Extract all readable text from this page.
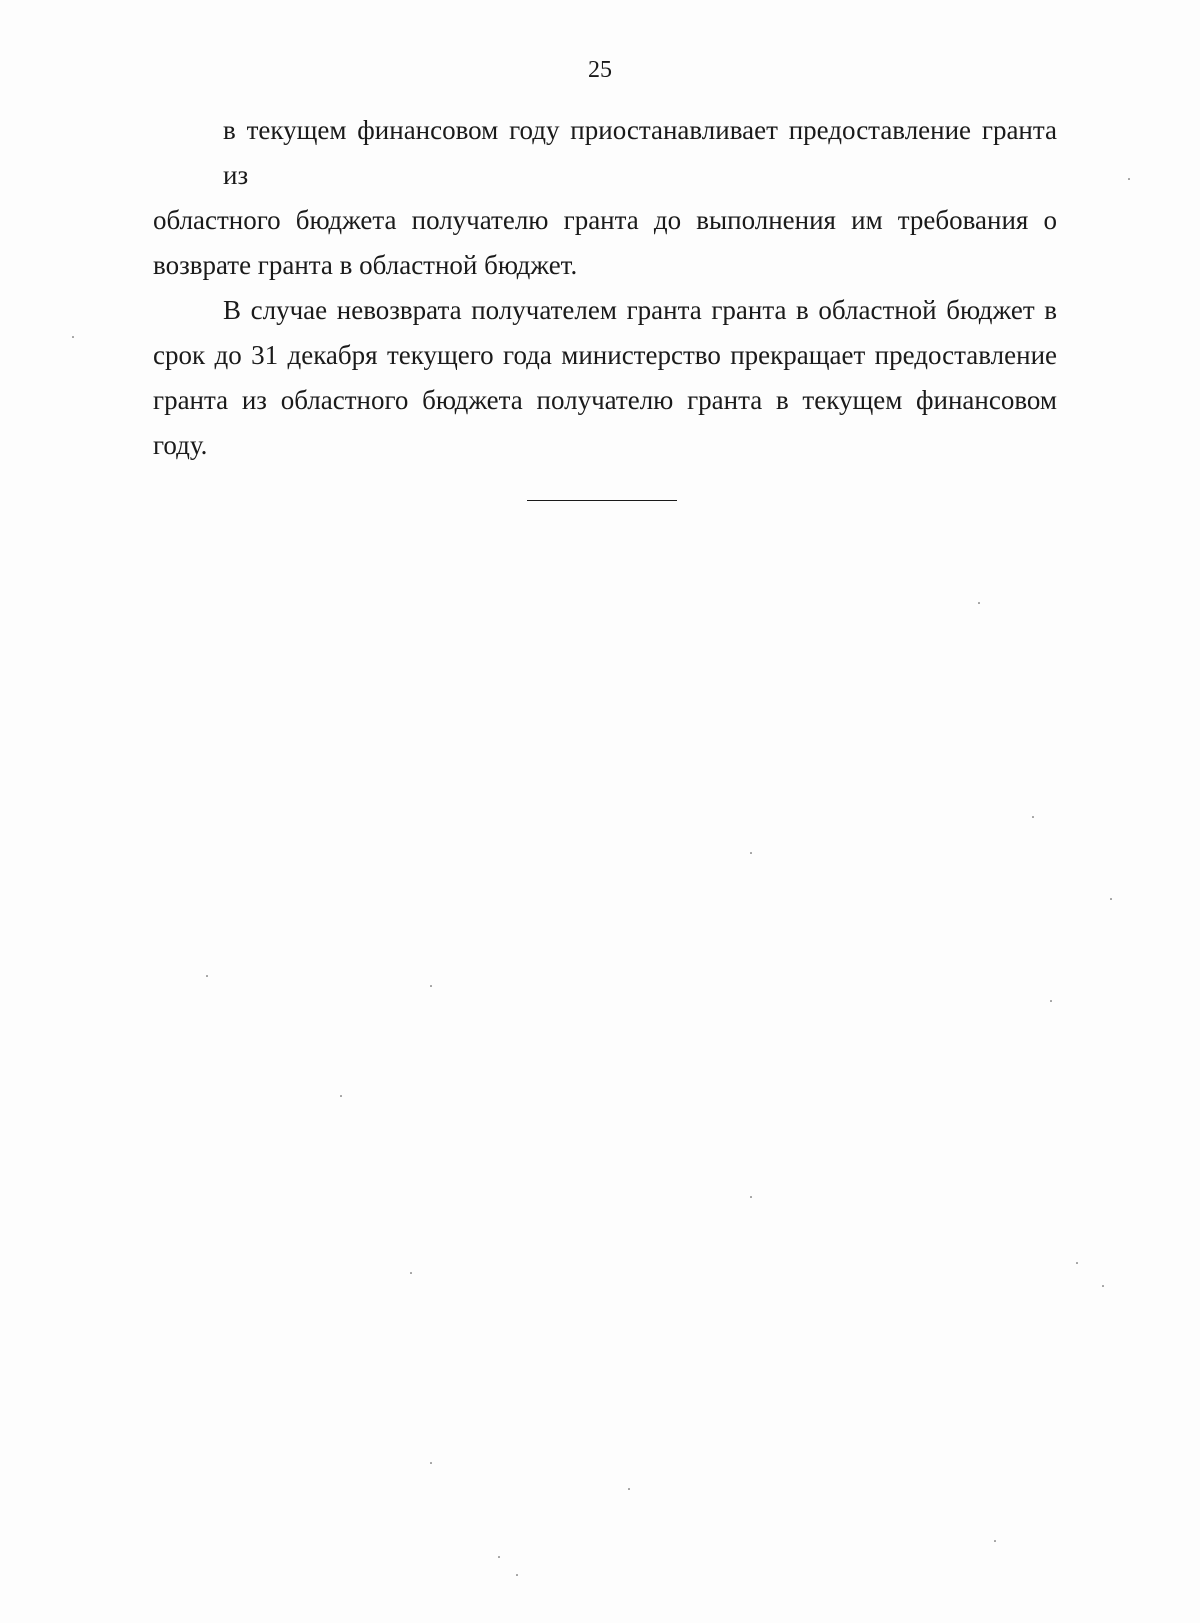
25

в текущем финансовом году приостанавливает предоставление гранта из
областного бюджета получателю гранта до выполнения им требования о
возврате гранта в областной бюджет.

В случае невозврата получателем гранта гранта в областной бюджет в
срок до 31 декабря текущего года министерство прекращает предоставление
гранта из областного бюджета получателю гранта в текущем финансовом
году.
